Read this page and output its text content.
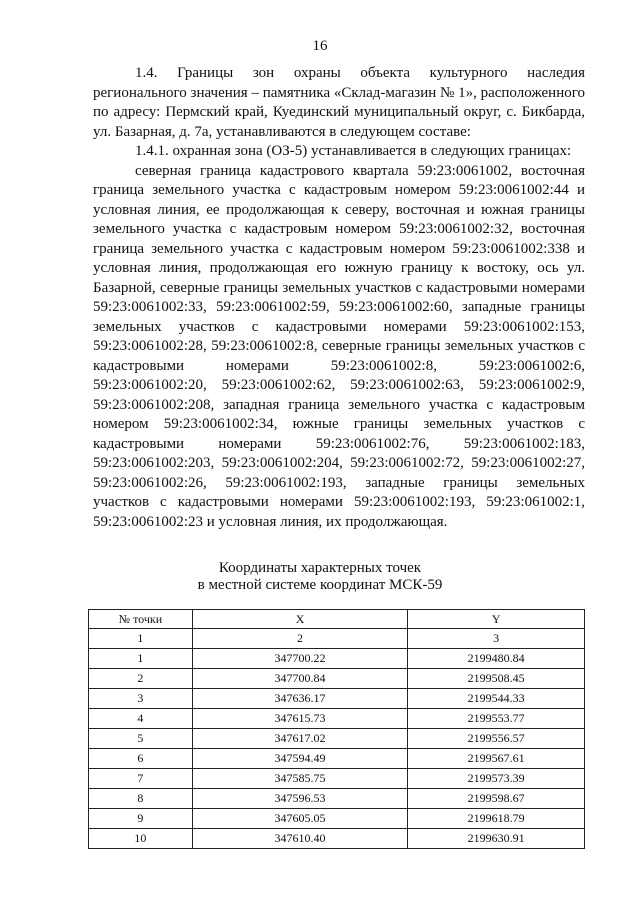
16

1.4. Границы зон охраны объекта культурного наследия регионального значения – памятника «Склад-магазин № 1», расположенного по адресу: Пермский край, Куединский муниципальный округ, с. Бикбарда, ул. Базарная, д. 7а, устанавливаются в следующем составе:

1.4.1. охранная зона (ОЗ-5) устанавливается в следующих границах:

северная граница кадастрового квартала 59:23:0061002, восточная граница земельного участка с кадастровым номером 59:23:0061002:44 и условная линия, ее продолжающая к северу, восточная и южная границы земельного участка с кадастровым номером 59:23:0061002:32, восточная граница земельного участка с кадастровым номером 59:23:0061002:338 и условная линия, продолжающая его южную границу к востоку, ось ул. Базарной, северные границы земельных участков с кадастровыми номерами 59:23:0061002:33, 59:23:0061002:59, 59:23:0061002:60, западные границы земельных участков с кадастровыми номерами 59:23:0061002:153, 59:23:0061002:28, 59:23:0061002:8, северные границы земельных участков с кадастровыми номерами 59:23:0061002:8, 59:23:0061002:6, 59:23:0061002:20, 59:23:0061002:62, 59:23:0061002:63, 59:23:0061002:9, 59:23:0061002:208, западная граница земельного участка с кадастровым номером 59:23:0061002:34, южные границы земельных участков с кадастровыми номерами 59:23:0061002:76, 59:23:0061002:183, 59:23:0061002:203, 59:23:0061002:204, 59:23:0061002:72, 59:23:0061002:27, 59:23:0061002:26, 59:23:0061002:193, западные границы земельных участков с кадастровыми номерами 59:23:0061002:193, 59:23:061002:1, 59:23:0061002:23 и условная линия, их продолжающая.

Координаты характерных точек
в местной системе координат МСК-59
№ точки	X	Y
1	2	3
1	347700.22	2199480.84
2	347700.84	2199508.45
3	347636.17	2199544.33
4	347615.73	2199553.77
5	347617.02	2199556.57
6	347594.49	2199567.61
7	347585.75	2199573.39
8	347596.53	2199598.67
9	347605.05	2199618.79
10	347610.40	2199630.91
